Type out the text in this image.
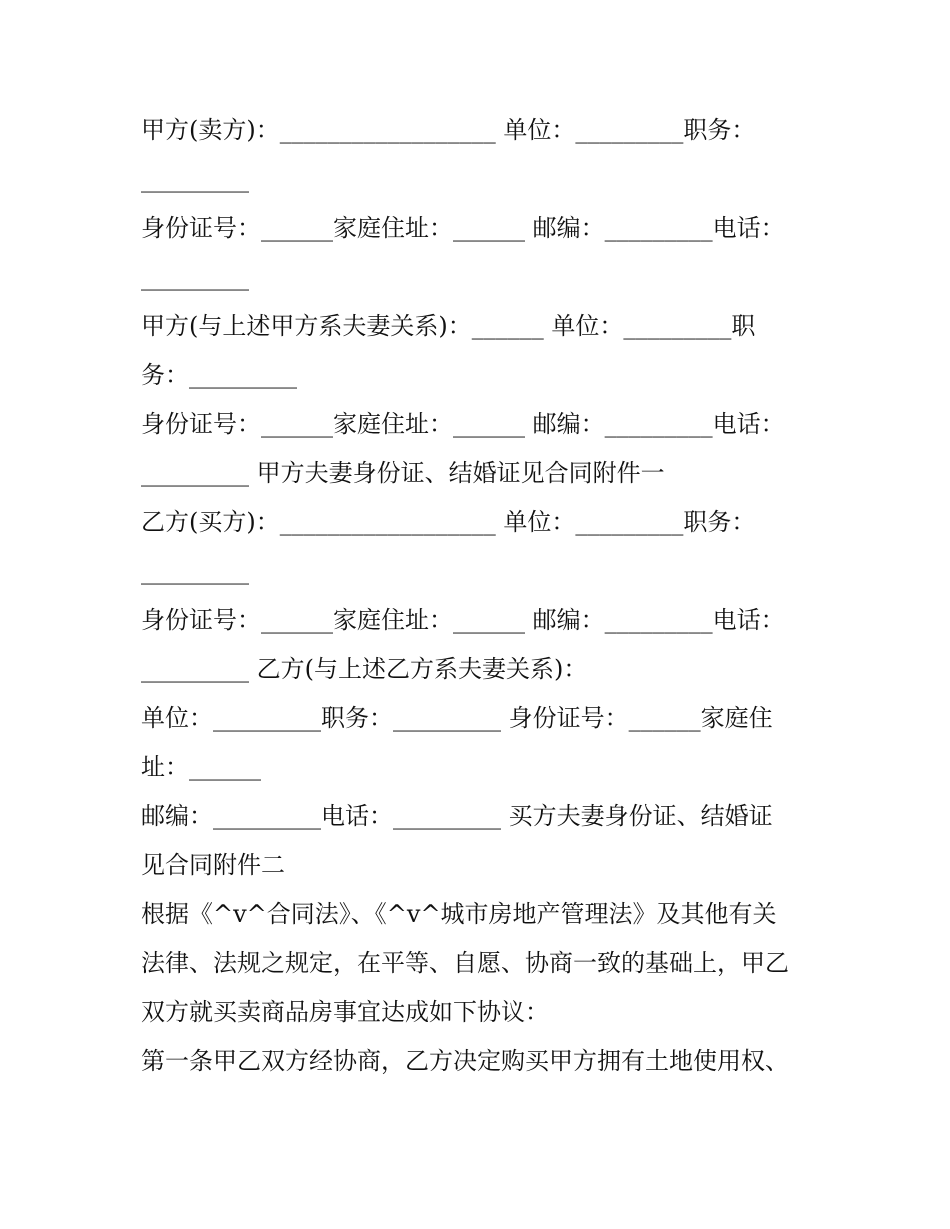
甲方(卖方)：__________________ 单位：_________职务：
_________
身份证号：______家庭住址：______ 邮编：_________电话：
_________
甲方(与上述甲方系夫妻关系)：______ 单位：_________职
务：_________
身份证号：______家庭住址：______ 邮编：_________电话：
_________ 甲方夫妻身份证、结婚证见合同附件一
乙方(买方)：__________________ 单位：_________职务：
_________
身份证号：______家庭住址：______ 邮编：_________电话：
_________ 乙方(与上述乙方系夫妻关系)：
单位：_________职务：_________ 身份证号：______家庭住
址：______
邮编：_________电话：_________ 买方夫妻身份证、结婚证
见合同附件二
根据《^v^合同法》、《^v^城市房地产管理法》及其他有关
法律、法规之规定，在平等、自愿、协商一致的基础上，甲乙
双方就买卖商品房事宜达成如下协议：
第一条甲乙双方经协商，乙方决定购买甲方拥有土地使用权、
